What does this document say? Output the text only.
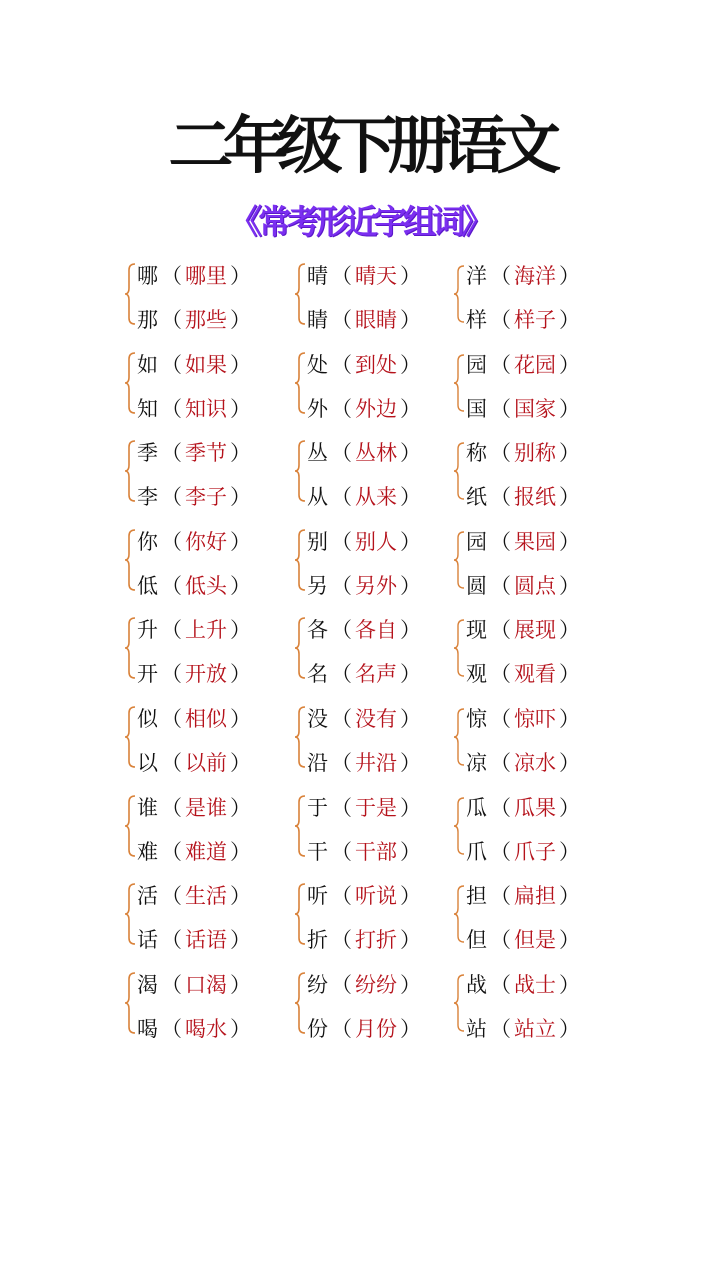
二年级下册语文
《常考形近字组词》
哪 （ 哪里 ）
那 （ 那些 ）
如 （ 如果 ）
知 （ 知识 ）
季 （ 季节 ）
李 （ 李子 ）
你 （ 你好 ）
低 （ 低头 ）
升 （ 上升 ）
开 （ 开放 ）
似 （ 相似 ）
以 （ 以前 ）
谁 （ 是谁 ）
难 （ 难道 ）
活 （ 生活 ）
话 （ 话语 ）
渴 （ 口渴 ）
喝 （ 喝水 ）
晴 （ 晴天 ）
睛 （ 眼睛 ）
处 （ 到处 ）
外 （ 外边 ）
丛 （ 丛林 ）
从 （ 从来 ）
别 （ 别人 ）
另 （ 另外 ）
各 （ 各自 ）
名 （ 名声 ）
没 （ 没有 ）
沿 （ 井沿 ）
于 （ 于是 ）
干 （ 干部 ）
听 （ 听说 ）
折 （ 打折 ）
纷 （ 纷纷 ）
份 （ 月份 ）
洋 （ 海洋 ）
样 （ 样子 ）
园 （ 花园 ）
国 （ 国家 ）
称 （ 别称 ）
纸 （ 报纸 ）
园 （ 果园 ）
圆 （ 圆点 ）
现 （ 展现 ）
观 （ 观看 ）
惊 （ 惊吓 ）
凉 （ 凉水 ）
瓜 （ 瓜果 ）
爪 （ 爪子 ）
担 （ 扁担 ）
但 （ 但是 ）
战 （ 战士 ）
站 （ 站立 ）
